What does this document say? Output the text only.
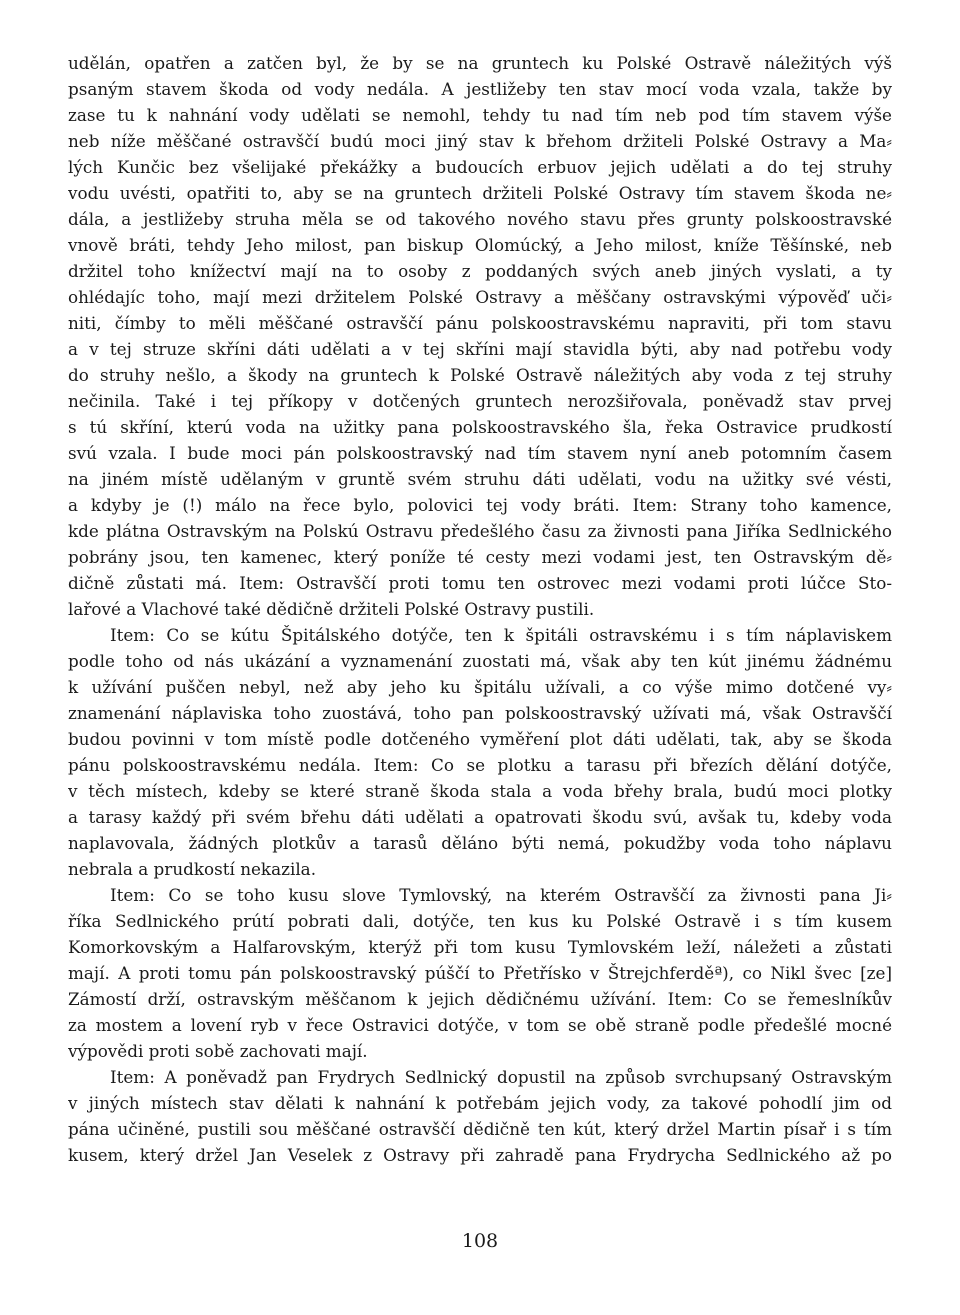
udělán, opatřen a zatčen byl, že by se na gruntech ku Polské Ostravě náležitých výš
psaným stavem škoda od vody nedála. A jestližeby ten stav mocí voda vzala, takže by
zase tu k nahnání vody udělati se nemohl, tehdy tu nad tím neb pod tím stavem výše
neb níže měščané ostravščí budú moci jiný stav k břehom držiteli Polské Ostravy a Ma⸗
lých Kunčic bez všelijaké překážky a budoucích erbuov jejich udělati a do tej struhy
vodu uvésti, opatřiti to, aby se na gruntech držiteli Polské Ostravy tím stavem škoda ne⸗
dála, a jestližeby struha měla se od takového nového stavu přes grunty polskoostravské
vnově bráti, tehdy Jeho milost, pan biskup Olomúcký, a Jeho milost, kníže Těšínské, neb
držitel toho knížectví mají na to osoby z poddaných svých aneb jiných vyslati, a ty
ohlédajíc toho, mají mezi držitelem Polské Ostravy a měščany ostravskými výpověď uči⸗
niti, čímby to měli měščané ostravščí pánu polskoostravskému napraviti, při tom stavu
a v tej struze skříni dáti udělati a v tej skříni mají stavidla býti, aby nad potřebu vody
do struhy nešlo, a škody na gruntech k Polské Ostravě náležitých aby voda z tej struhy
nečinila. Také i tej příkopy v dotčených gruntech nerozšiřovala, poněvadž stav prvej
s tú skříní, kterú voda na užitky pana polskoostravského šla, řeka Ostravice prudkostí
svú vzala. I bude moci pán polskoostravský nad tím stavem nyní aneb potomním časem
na jiném místě udělaným v gruntě svém struhu dáti udělati, vodu na užitky své vésti,
a kdyby je (!) málo na řece bylo, polovici tej vody bráti. Item: Strany toho kamence,
kde plátna Ostravským na Polskú Ostravu předešlého času za živnosti pana Jiříka Sedlnického
pobrány jsou, ten kamenec, který poníže té cesty mezi vodami jest, ten Ostravským dě⸗
dičně zůstati má. Item: Ostravščí proti tomu ten ostrovec mezi vodami proti lúčce Sto-
lařové a Vlachové také dědičně držiteli Polské Ostravy pustili.
Item: Co se kútu Špitálského dotýče, ten k špitáli ostravskému i s tím náplaviskem
podle toho od nás ukázání a vyznamenání zuostati má, však aby ten kút jinému žádnému
k užívání puščen nebyl, než aby jeho ku špitálu užívali, a co výše mimo dotčené vy⸗
znamenání náplaviska toho zuostává, toho pan polskoostravský užívati má, však Ostravščí
budou povinni v tom místě podle dotčeného vyměření plot dáti udělati, tak, aby se škoda
pánu polskoostravskému nedála. Item: Co se plotku a tarasu při březích dělání dotýče,
v těch místech, kdeby se které straně škoda stala a voda břehy brala, budú moci plotky
a tarasy každý při svém břehu dáti udělati a opatrovati škodu svú, avšak tu, kdeby voda
naplavovala, žádných plotkův a tarasů děláno býti nemá, pokudžby voda toho náplavu
nebrala a prudkostí nekazila.
Item: Co se toho kusu slove Tymlovský, na kterém Ostravščí za živnosti pana Ji⸗
říka Sedlnického prútí pobrati dali, dotýče, ten kus ku Polské Ostravě i s tím kusem
Komorkovským a Halfarovským, kterýž při tom kusu Tymlovském leží, náležeti a zůstati
mají. A proti tomu pán polskoostravský púščí to Přetřísko v Štrejchferděª), co Nikl švec [ze]
Zámostí drží, ostravským měščanom k jejich dědičnému užívání. Item: Co se řemeslníkův
za mostem a lovení ryb v řece Ostravici dotýče, v tom se obě straně podle předešlé mocné
výpovědi proti sobě zachovati mají.
Item: A poněvadž pan Frydrych Sedlnický dopustil na způsob svrchupsaný Ostravským
v jiných místech stav dělati k nahnání k potřebám jejich vody, za takové pohodlí jim od
pána učiněné, pustili sou měščané ostravščí dědičně ten kút, který držel Martin písař i s tím
kusem, který držel Jan Veselek z Ostravy při zahradě pana Frydrycha Sedlnického až po
108
